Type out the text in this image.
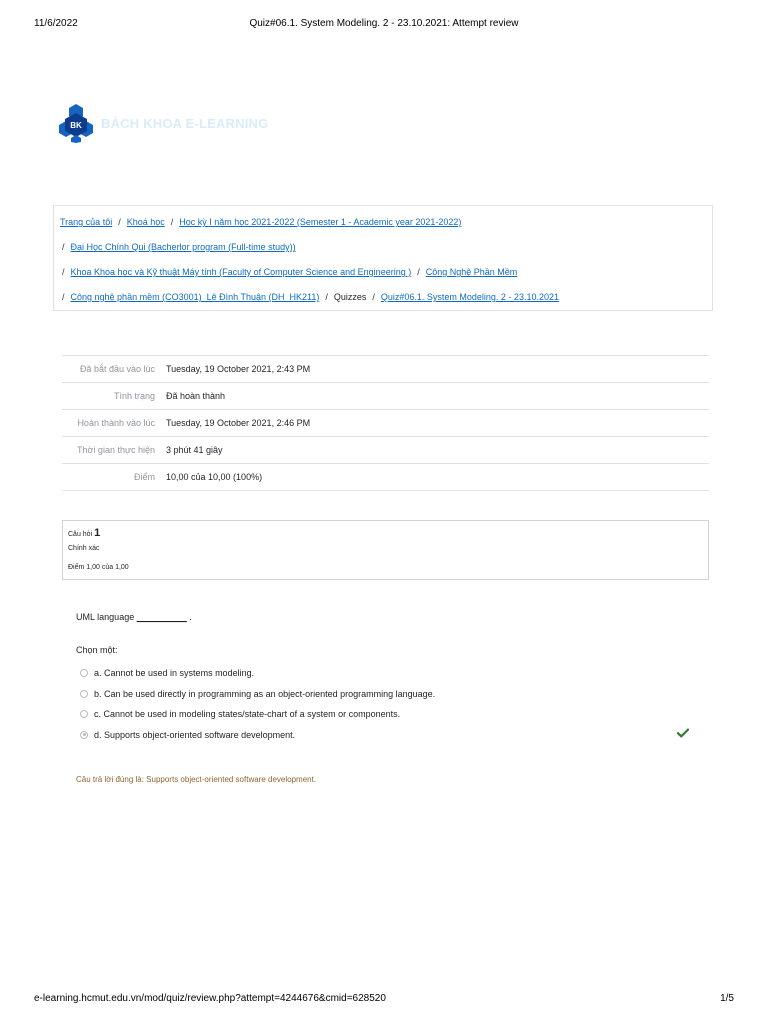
11/6/2022	Quiz#06.1. System Modeling. 2 - 23.10.2021: Attempt review
BK BÁCH KHOA E-LEARNING
Trang của tôi / Khoá học / Học kỳ I năm học 2021-2022 (Semester 1 - Academic year 2021-2022)
/ Đại Học Chính Qui (Bacherlor program (Full-time study))
/ Khoa Khoa học và Kỹ thuật Máy tính (Faculty of Computer Science and Engineering ) / Công Nghệ Phần Mềm
/ Công nghệ phần mềm (CO3001)_Lê Đình Thuận (DH_HK211) / Quizzes / Quiz#06.1. System Modeling. 2 - 23.10.2021
Đã bắt đầu vào lúc	Tuesday, 19 October 2021, 2:43 PM
Tình trạng	Đã hoàn thành
Hoàn thành vào lúc	Tuesday, 19 October 2021, 2:46 PM
Thời gian thực hiện	3 phút 41 giây
Điểm	10,00 của 10,00 (100%)
Câu hỏi 1
Chính xác
Điểm 1,00 của 1,00
UML language __________ .
Chọn một:
a. Cannot be used in systems modeling.
b. Can be used directly in programming as an object-oriented programming language.
c. Cannot be used in modeling states/state-chart of a system or components.
d. Supports object-oriented software development.
Câu trả lời đúng là: Supports object-oriented software development.
e-learning.hcmut.edu.vn/mod/quiz/review.php?attempt=4244676&cmid=628520	1/5
